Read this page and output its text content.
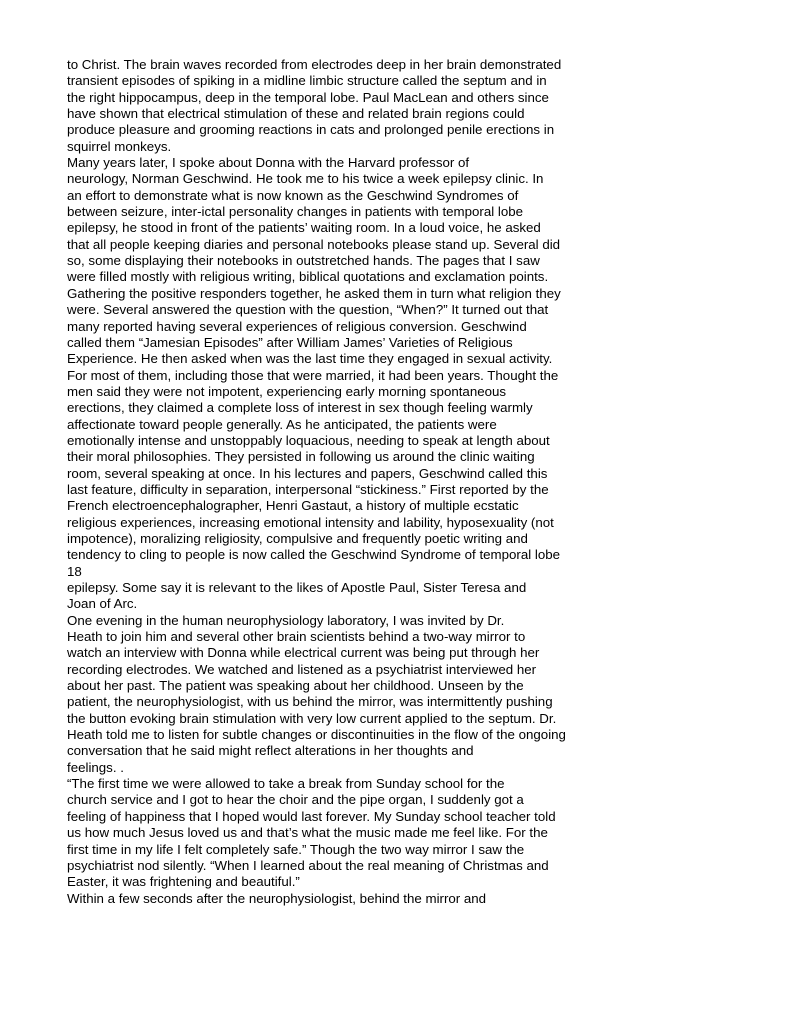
to Christ. The brain waves recorded from electrodes deep in her brain demonstrated
transient episodes of spiking in a midline limbic structure called the septum and in
the right hippocampus, deep in the temporal lobe. Paul MacLean and others since
have shown that electrical stimulation of these and related brain regions could
produce pleasure and grooming reactions in cats and prolonged penile erections in
squirrel monkeys.
Many years later, I spoke about Donna with the Harvard professor of
neurology, Norman Geschwind. He took me to his twice a week epilepsy clinic. In
an effort to demonstrate what is now known as the Geschwind Syndromes of
between seizure, inter-ictal personality changes in patients with temporal lobe
epilepsy, he stood in front of the patients’ waiting room. In a loud voice, he asked
that all people keeping diaries and personal notebooks please stand up. Several did
so, some displaying their notebooks in outstretched hands. The pages that I saw
were filled mostly with religious writing, biblical quotations and exclamation points.
Gathering the positive responders together, he asked them in turn what religion they
were. Several answered the question with the question, “When?” It turned out that
many reported having several experiences of religious conversion. Geschwind
called them “Jamesian Episodes” after William James’ Varieties of Religious
Experience. He then asked when was the last time they engaged in sexual activity.
For most of them, including those that were married, it had been years. Thought the
men said they were not impotent, experiencing early morning spontaneous
erections, they claimed a complete loss of interest in sex though feeling warmly
affectionate toward people generally. As he anticipated, the patients were
emotionally intense and unstoppably loquacious, needing to speak at length about
their moral philosophies. They persisted in following us around the clinic waiting
room, several speaking at once. In his lectures and papers, Geschwind called this
last feature, difficulty in separation, interpersonal “stickiness.” First reported by the
French electroencephalographer, Henri Gastaut, a history of multiple ecstatic
religious experiences, increasing emotional intensity and lability, hyposexuality (not
impotence), moralizing religiosity, compulsive and frequently poetic writing and
tendency to cling to people is now called the Geschwind Syndrome of temporal lobe
18
epilepsy. Some say it is relevant to the likes of Apostle Paul, Sister Teresa and
Joan of Arc.
One evening in the human neurophysiology laboratory, I was invited by Dr.
Heath to join him and several other brain scientists behind a two-way mirror to
watch an interview with Donna while electrical current was being put through her
recording electrodes. We watched and listened as a psychiatrist interviewed her
about her past. The patient was speaking about her childhood. Unseen by the
patient, the neurophysiologist, with us behind the mirror, was intermittently pushing
the button evoking brain stimulation with very low current applied to the septum. Dr.
Heath told me to listen for subtle changes or discontinuities in the flow of the ongoing
conversation that he said might reflect alterations in her thoughts and
feelings. .
“The first time we were allowed to take a break from Sunday school for the
church service and I got to hear the choir and the pipe organ, I suddenly got a
feeling of happiness that I hoped would last forever. My Sunday school teacher told
us how much Jesus loved us and that’s what the music made me feel like. For the
first time in my life I felt completely safe.” Though the two way mirror I saw the
psychiatrist nod silently. “When I learned about the real meaning of Christmas and
Easter, it was frightening and beautiful.”
Within a few seconds after the neurophysiologist, behind the mirror and
